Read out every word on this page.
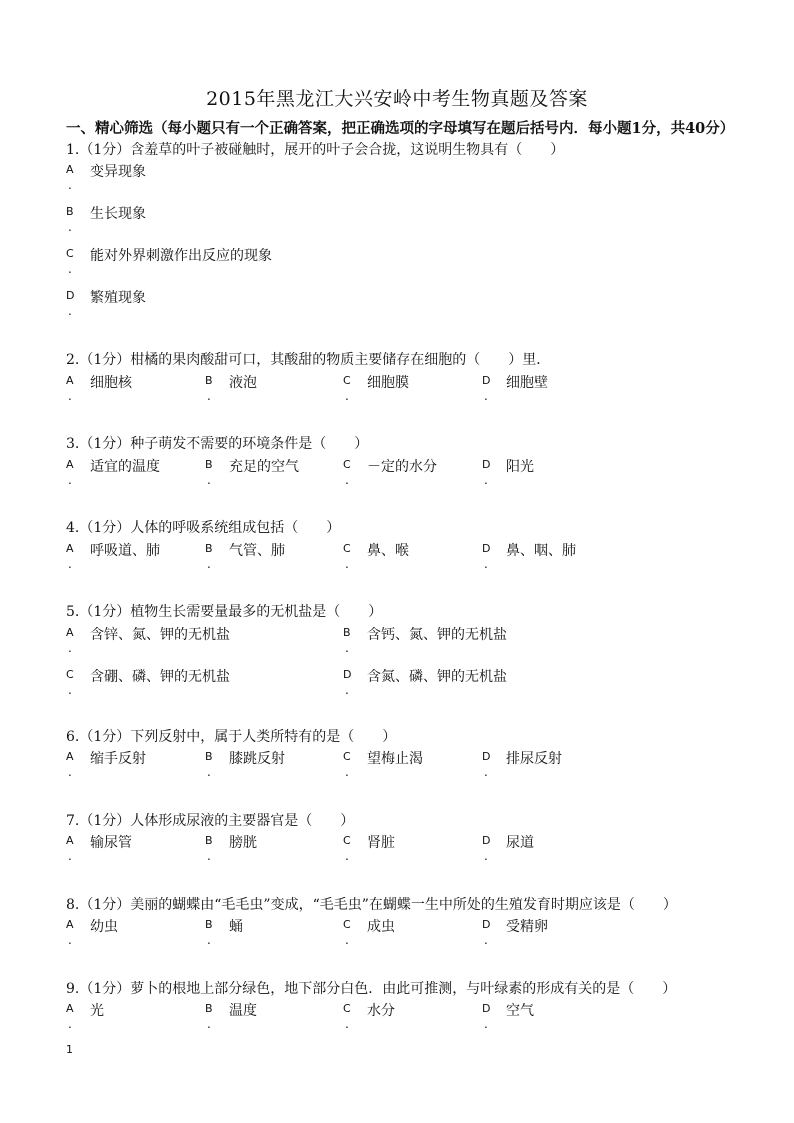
2015年黑龙江大兴安岭中考生物真题及答案
一、精心筛选（每小题只有一个正确答案，把正确选项的字母填写在题后括号内．每小题1分，共40分）
1.（1分）含羞草的叶子被碰触时，展开的叶子会合拢，这说明生物具有（　　）
A
.
变异现象
B
.
生长现象
C
.
能对外界刺激作出反应的现象
D
.
繁殖现象
2.（1分）柑橘的果肉酸甜可口，其酸甜的物质主要储存在细胞的（　　）里．
A
.
细胞核	B
.
液泡	C
.
细胞膜	D
.
细胞壁
3.（1分）种子萌发不需要的环境条件是（　　）
A
.
适宜的温度	B
.
充足的空气	C
.
－定的水分	D
.
阳光
4.（1分）人体的呼吸系统组成包括（　　）
A
.
呼吸道、肺	B
.
气管、肺	C
.
鼻、喉	D
.
鼻、咽、肺
5.（1分）植物生长需要量最多的无机盐是（　　）
A
.
含锌、氮、钾的无机盐	B
.
含钙、氮、钾的无机盐
C
.
含硼、磷、钾的无机盐	D
.
含氮、磷、钾的无机盐
6.（1分）下列反射中，属于人类所特有的是（　　）
A
.
缩手反射	B
.
膝跳反射	C
.
望梅止渴	D
.
排尿反射
7.（1分）人体形成尿液的主要器官是（　　）
A
.
输尿管	B
.
膀胱	C
.
肾脏	D
.
尿道
8.（1分）美丽的蝴蝶由“毛毛虫”变成，“毛毛虫”在蝴蝶一生中所处的生殖发育时期应该是（　　）
A
.
幼虫	B
.
蛹	C
.
成虫	D
.
受精卵
9.（1分）萝卜的根地上部分绿色，地下部分白色．由此可推测，与叶绿素的形成有关的是（　　）
A
.
光	B
.
温度	C
.
水分	D
.
空气
1
